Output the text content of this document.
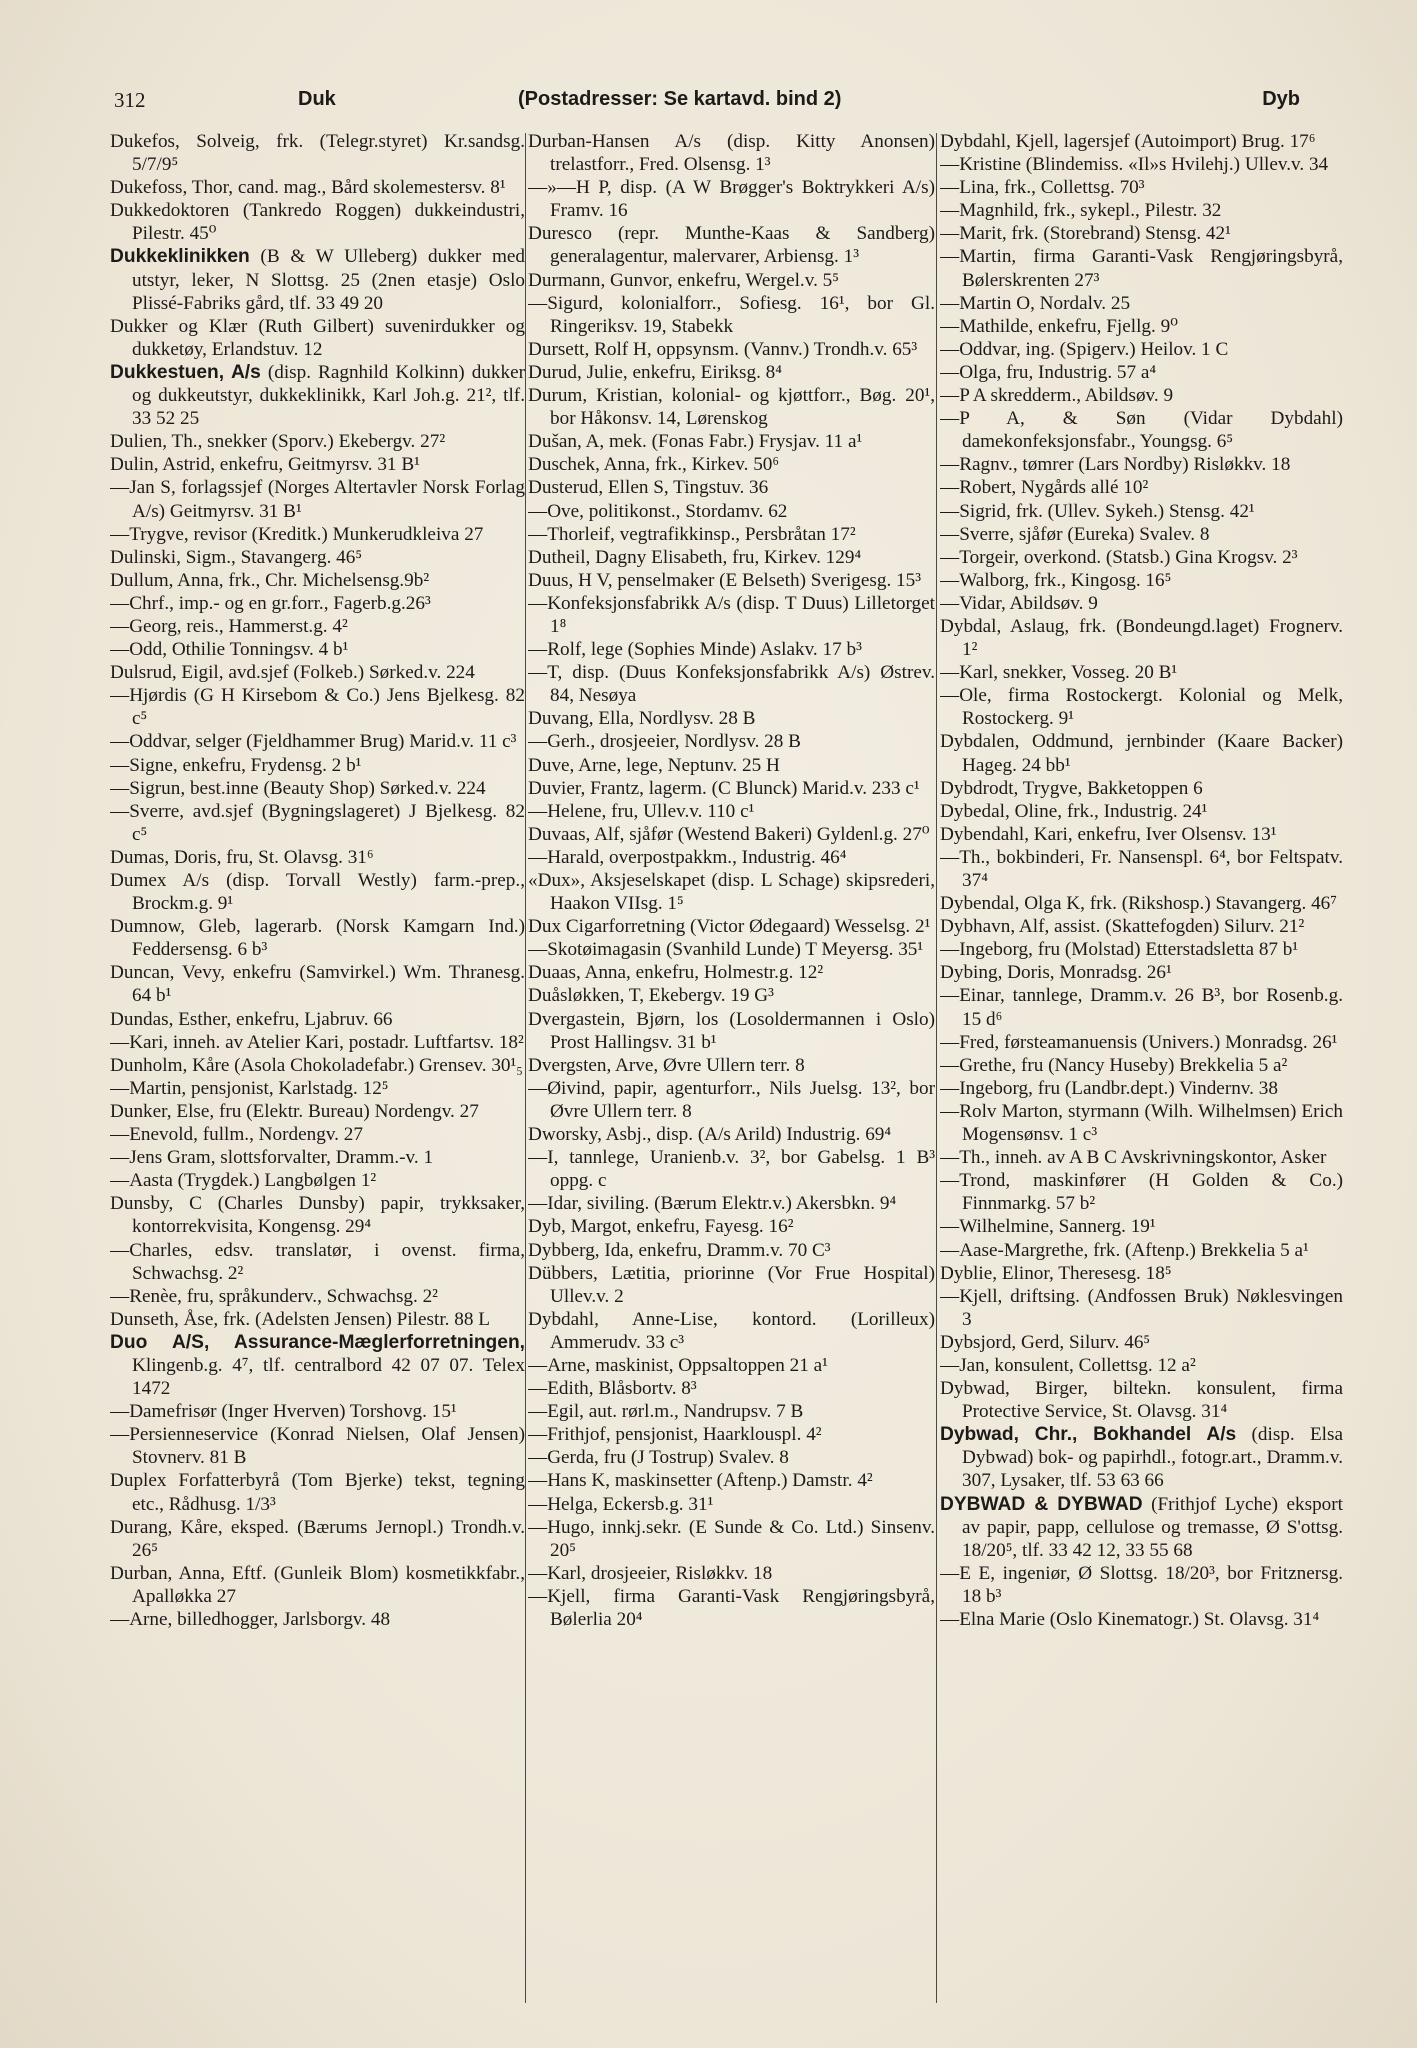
312	Duk	(Postadresser: Se kartavd. bind 2)	Dyb

Dukefos, Solveig, frk. (Telegr.styret) Kr.sandsg. 5/7/9⁵

Dukefoss, Thor, cand. mag., Bård skolemestersv. 8¹

Dukkedoktoren (Tankredo Roggen) dukkeindustri, Pilestr. 45⁰

Dukkeklinikken (B & W Ulleberg) dukker med utstyr, leker, N Slottsg. 25 (2nen etasje) Oslo Plissé-Fabriks gård, tlf. 33 49 20

Dukker og Klær (Ruth Gilbert) suvenirdukker og dukketøy, Erlandstuv. 12

Dukkestuen, A/s (disp. Ragnhild Kolkinn) dukker og dukkeutstyr, dukkeklinikk, Karl Joh.g. 21², tlf. 33 52 25

Dulien, Th., snekker (Sporv.) Ekebergv. 27²

Dulin, Astrid, enkefru, Geitmyrsv. 31 B¹

—Jan S, forlagssjef (Norges Altertavler Norsk Forlag A/s) Geitmyrsv. 31 B¹

—Trygve, revisor (Kreditk.) Munkerudkleiva 27

Dulinski, Sigm., Stavangerg. 46⁵

Dullum, Anna, frk., Chr. Michelsensg.9b²

—Chrf., imp.- og en gr.forr., Fagerb.g.26³

—Georg, reis., Hammerst.g. 4²

—Odd, Othilie Tonningsv. 4 b¹

Dulsrud, Eigil, avd.sjef (Folkeb.) Sørked.v. 224

—Hjørdis (G H Kirsebom & Co.) Jens Bjelkesg. 82 c⁵

—Oddvar, selger (Fjeldhammer Brug) Marid.v. 11 c³

—Signe, enkefru, Frydensg. 2 b¹

—Sigrun, best.inne (Beauty Shop) Sørked.v. 224

—Sverre, avd.sjef (Bygningslageret) J Bjelkesg. 82 c⁵

Dumas, Doris, fru, St. Olavsg. 31⁶

Dumex A/s (disp. Torvall Westly) farm.-prep., Brockm.g. 9¹

Dumnow, Gleb, lagerarb. (Norsk Kamgarn Ind.) Feddersensg. 6 b³

Duncan, Vevy, enkefru (Samvirkel.) Wm. Thranesg. 64 b¹

Dundas, Esther, enkefru, Ljabruv. 66

—Kari, inneh. av Atelier Kari, postadr. Luftfartsv. 18²

Dunholm, Kåre (Asola Chokoladefabr.) Grensev. 30¹₅

—Martin, pensjonist, Karlstadg. 12⁵

Dunker, Else, fru (Elektr. Bureau) Nordengv. 27

—Enevold, fullm., Nordengv. 27

—Jens Gram, slottsforvalter, Dramm.-v. 1

—Aasta (Trygdek.) Langbølgen 1²

Dunsby, C (Charles Dunsby) papir, trykksaker, kontorrekvisita, Kongensg. 29⁴

—Charles, edsv. translatør, i ovenst. firma, Schwachsg. 2²

—Renèe, fru, språkunderv., Schwachsg. 2²

Dunseth, Åse, frk. (Adelsten Jensen) Pilestr. 88 L

Duo A/S, Assurance-Mæglerforretningen, Klingenb.g. 4⁷, tlf. centralbord 42 07 07. Telex 1472

—Damefrisør (Inger Hverven) Torshovg. 15¹

—Persienneservice (Konrad Nielsen, Olaf Jensen) Stovnerv. 81 B

Duplex Forfatterbyrå (Tom Bjerke) tekst, tegning etc., Rådhusg. 1/3³

Durang, Kåre, eksped. (Bærums Jernopl.) Trondh.v. 26⁵

Durban, Anna, Eftf. (Gunleik Blom) kosmetikkfabr., Apalløkka 27

—Arne, billedhogger, Jarlsborgv. 48

Durban-Hansen A/s (disp. Kitty Anonsen) trelastforr., Fred. Olsensg. 1³

—»—H P, disp. (A W Brøgger's Boktrykkeri A/s) Framv. 16

Duresco (repr. Munthe-Kaas & Sandberg) generalagentur, malervarer, Arbiensg. 1³

Durmann, Gunvor, enkefru, Wergel.v. 5⁵

—Sigurd, kolonialforr., Sofiesg. 16¹, bor Gl. Ringeriksv. 19, Stabekk

Dursett, Rolf H, oppsynsm. (Vannv.) Trondh.v. 65³

Durud, Julie, enkefru, Eiriksg. 8⁴

Durum, Kristian, kolonial- og kjøttforr., Bøg. 20¹, bor Håkonsv. 14, Lørenskog

Dušan, A, mek. (Fonas Fabr.) Frysjav. 11 a¹

Duschek, Anna, frk., Kirkev. 50⁶

Dusterud, Ellen S, Tingstuv. 36

—Ove, politikonst., Stordamv. 62

—Thorleif, vegtrafikkinsp., Persbråtan 17²

Dutheil, Dagny Elisabeth, fru, Kirkev. 129⁴

Duus, H V, penselmaker (E Belseth) Sverigesg. 15³

—Konfeksjonsfabrikk A/s (disp. T Duus) Lilletorget 1⁸

—Rolf, lege (Sophies Minde) Aslakv. 17 b³

—T, disp. (Duus Konfeksjonsfabrikk A/s) Østrev. 84, Nesøya

Duvang, Ella, Nordlysv. 28 B

—Gerh., drosjeeier, Nordlysv. 28 B

Duve, Arne, lege, Neptunv. 25 H

Duvier, Frantz, lagerm. (C Blunck) Marid.v. 233 c¹

—Helene, fru, Ullev.v. 110 c¹

Duvaas, Alf, sjåfør (Westend Bakeri) Gyldenl.g. 27⁰

—Harald, overpostpakkm., Industrig. 46⁴

«Dux», Aksjeselskapet (disp. L Schage) skipsrederi, Haakon VIIsg. 1⁵

Dux Cigarforretning (Victor Ødegaard) Wesselsg. 2¹

—Skotøimagasin (Svanhild Lunde) T Meyersg. 35¹

Duaas, Anna, enkefru, Holmestr.g. 12²

Duåsløkken, T, Ekebergv. 19 G³

Dvergastein, Bjørn, los (Losoldermannen i Oslo) Prost Hallingsv. 31 b¹

Dvergsten, Arve, Øvre Ullern terr. 8

—Øivind, papir, agenturforr., Nils Juelsg. 13², bor Øvre Ullern terr. 8

Dworsky, Asbj., disp. (A/s Arild) Industrig. 69⁴

—I, tannlege, Uranienb.v. 3², bor Gabelsg. 1 B³ oppg. c

—Idar, siviling. (Bærum Elektr.v.) Akersbkn. 9⁴

Dyb, Margot, enkefru, Fayesg. 16²

Dybberg, Ida, enkefru, Dramm.v. 70 C³

Dübbers, Lætitia, priorinne (Vor Frue Hospital) Ullev.v. 2

Dybdahl, Anne-Lise, kontord. (Lorilleux) Ammerudv. 33 c³

—Arne, maskinist, Oppsaltoppen 21 a¹

—Edith, Blåsbortv. 8³

—Egil, aut. rørl.m., Nandrupsv. 7 B

—Frithjof, pensjonist, Haarklouspl. 4²

—Gerda, fru (J Tostrup) Svalev. 8

—Hans K, maskinsetter (Aftenp.) Damstr. 4²

—Helga, Eckersb.g. 31¹

—Hugo, innkj.sekr. (E Sunde & Co. Ltd.) Sinsenv. 20⁵

—Karl, drosjeeier, Risløkkv. 18

—Kjell, firma Garanti-Vask Rengjøringsbyrå, Bølerlia 20⁴

Dybdahl, Kjell, lagersjef (Autoimport) Brug. 17⁶

—Kristine (Blindemiss. «Il»s Hvilehj.) Ullev.v. 34

—Lina, frk., Collettsg. 70³

—Magnhild, frk., sykepl., Pilestr. 32

—Marit, frk. (Storebrand) Stensg. 42¹

—Martin, firma Garanti-Vask Rengjøringsbyrå, Bølerskrenten 27³

—Martin O, Nordalv. 25

—Mathilde, enkefru, Fjellg. 9⁰

—Oddvar, ing. (Spigerv.) Heilov. 1 C

—Olga, fru, Industrig. 57 a⁴

—P A skredderm., Abildsøv. 9

—P A, & Søn (Vidar Dybdahl) damekonfeksjonsfabr., Youngsg. 6⁵

—Ragnv., tømrer (Lars Nordby) Risløkkv. 18

—Robert, Nygårds allé 10²

—Sigrid, frk. (Ullev. Sykeh.) Stensg. 42¹

—Sverre, sjåfør (Eureka) Svalev. 8

—Torgeir, overkond. (Statsb.) Gina Krogsv. 2³

—Walborg, frk., Kingosg. 16⁵

—Vidar, Abildsøv. 9

Dybdal, Aslaug, frk. (Bondeungd.laget) Frognerv. 1²

—Karl, snekker, Vosseg. 20 B¹

—Ole, firma Rostockergt. Kolonial og Melk, Rostockerg. 9¹

Dybdalen, Oddmund, jernbinder (Kaare Backer) Hageg. 24 bb¹

Dybdrodt, Trygve, Bakketoppen 6

Dybedal, Oline, frk., Industrig. 24¹

Dybendahl, Kari, enkefru, Iver Olsensv. 13¹

—Th., bokbinderi, Fr. Nansenspl. 6⁴, bor Feltspatv. 37⁴

Dybendal, Olga K, frk. (Rikshosp.) Stavangerg. 46⁷

Dybhavn, Alf, assist. (Skattefogden) Silurv. 21²

—Ingeborg, fru (Molstad) Etterstadsletta 87 b¹

Dybing, Doris, Monradsg. 26¹

—Einar, tannlege, Dramm.v. 26 B³, bor Rosenb.g. 15 d⁶

—Fred, førsteamanuensis (Univers.) Monradsg. 26¹

—Grethe, fru (Nancy Huseby) Brekkelia 5 a²

—Ingeborg, fru (Landbr.dept.) Vindernv. 38

—Rolv Marton, styrmann (Wilh. Wilhelmsen) Erich Mogensønsv. 1 c³

—Th., inneh. av A B C Avskrivningskontor, Asker

—Trond, maskinfører (H Golden & Co.) Finnmarkg. 57 b²

—Wilhelmine, Sannerg. 19¹

—Aase-Margrethe, frk. (Aftenp.) Brekkelia 5 a¹

Dyblie, Elinor, Theresesg. 18⁵

—Kjell, driftsing. (Andfossen Bruk) Nøklesvingen 3

Dybsjord, Gerd, Silurv. 46⁵

—Jan, konsulent, Collettsg. 12 a²

Dybwad, Birger, biltekn. konsulent, firma Protective Service, St. Olavsg. 31⁴

Dybwad, Chr., Bokhandel A/s (disp. Elsa Dybwad) bok- og papirhdl., fotogr.art., Dramm.v. 307, Lysaker, tlf. 53 63 66

DYBWAD & DYBWAD (Frithjof Lyche) eksport av papir, papp, cellulose og tremasse, Ø S'ottsg. 18/20⁵, tlf. 33 42 12, 33 55 68

—E E, ingeniør, Ø Slottsg. 18/20³, bor Fritznersg. 18 b³

—Elna Marie (Oslo Kinematogr.) St. Olavsg. 31⁴
